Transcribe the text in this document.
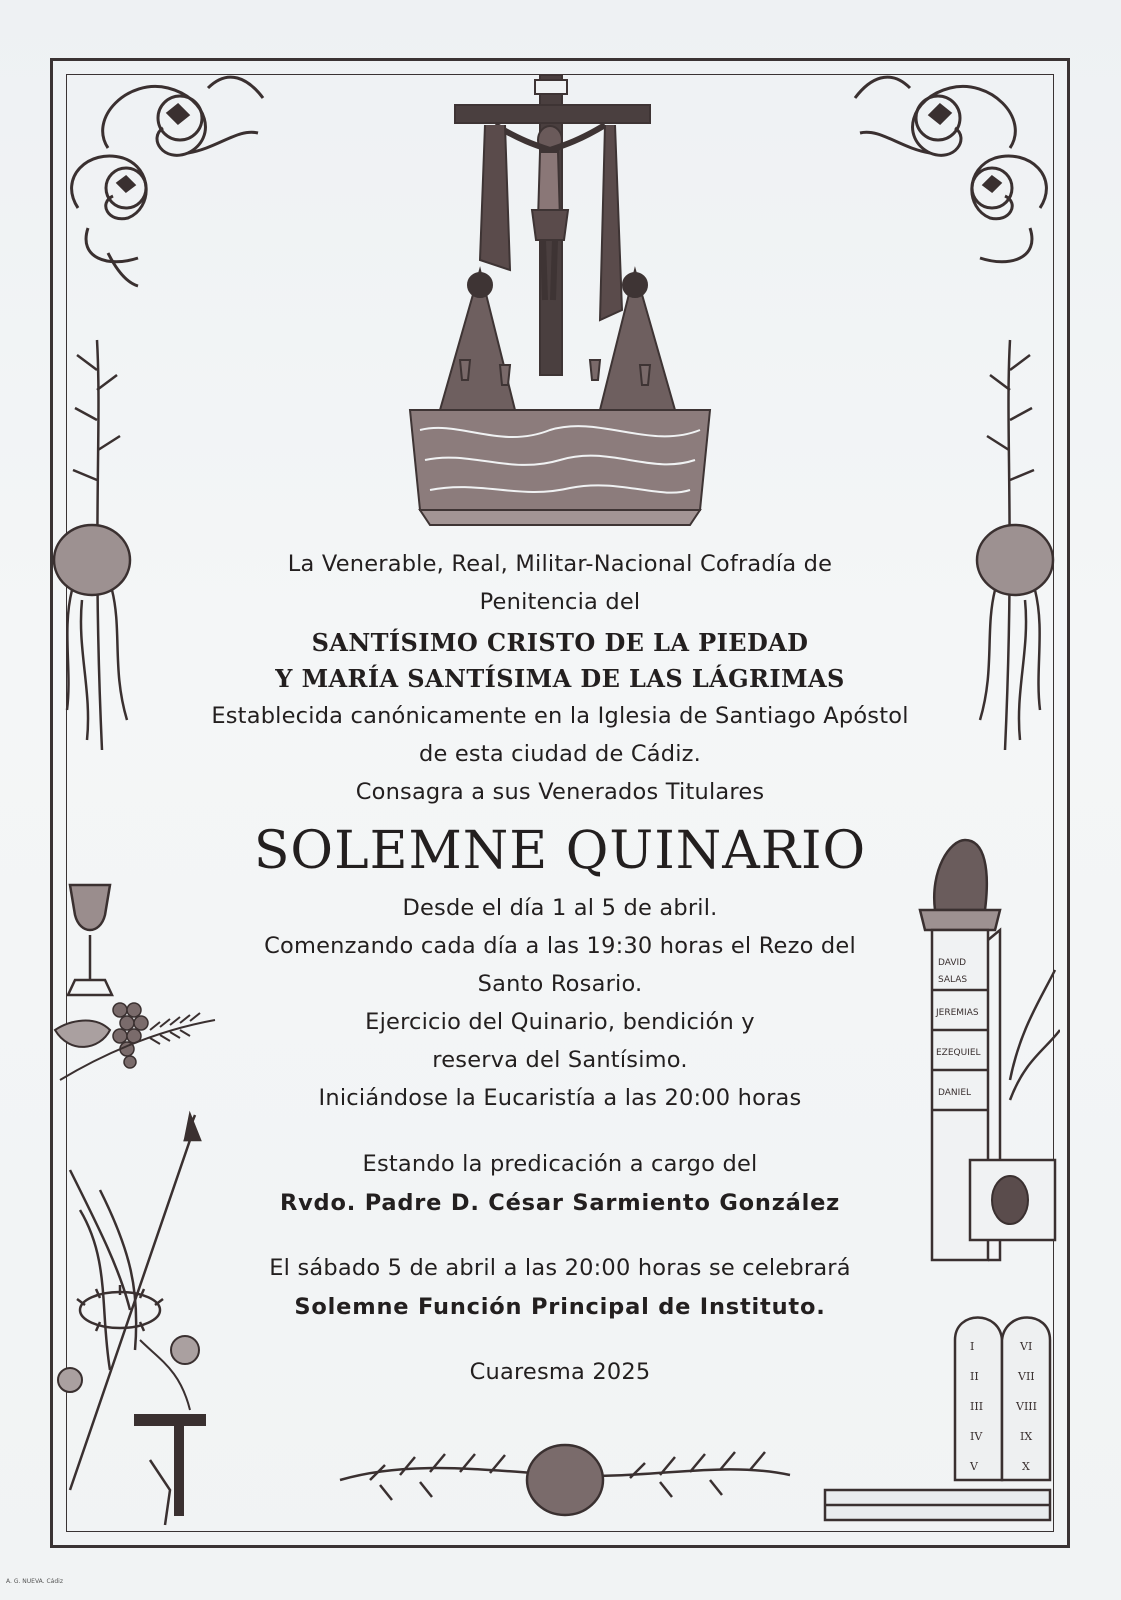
DAVID
SALAS
JEREMIAS
EZEQUIEL
DANIEL
I	VI
II	VII
III	VIII
IV	IX
V	X
La Venerable, Real, Militar-Nacional Cofradía de
Penitencia del
SANTÍSIMO CRISTO DE LA PIEDAD
Y MARÍA SANTÍSIMA DE LAS LÁGRIMAS
Establecida canónicamente en la Iglesia de Santiago Apóstol
de esta ciudad de Cádiz.
Consagra a sus Venerados Titulares
SOLEMNE QUINARIO
Desde el día 1 al 5 de abril.
Comenzando cada día a las 19:30 horas el Rezo del
Santo Rosario.
Ejercicio del Quinario, bendición y
reserva del Santísimo.
Iniciándose la Eucaristía a las 20:00 horas
Estando la predicación a cargo del
Rvdo. Padre D. César Sarmiento González
El sábado 5 de abril a las 20:00 horas se celebrará
Solemne Función Principal de Instituto.
Cuaresma 2025
A. G. NUEVA. Cádiz
